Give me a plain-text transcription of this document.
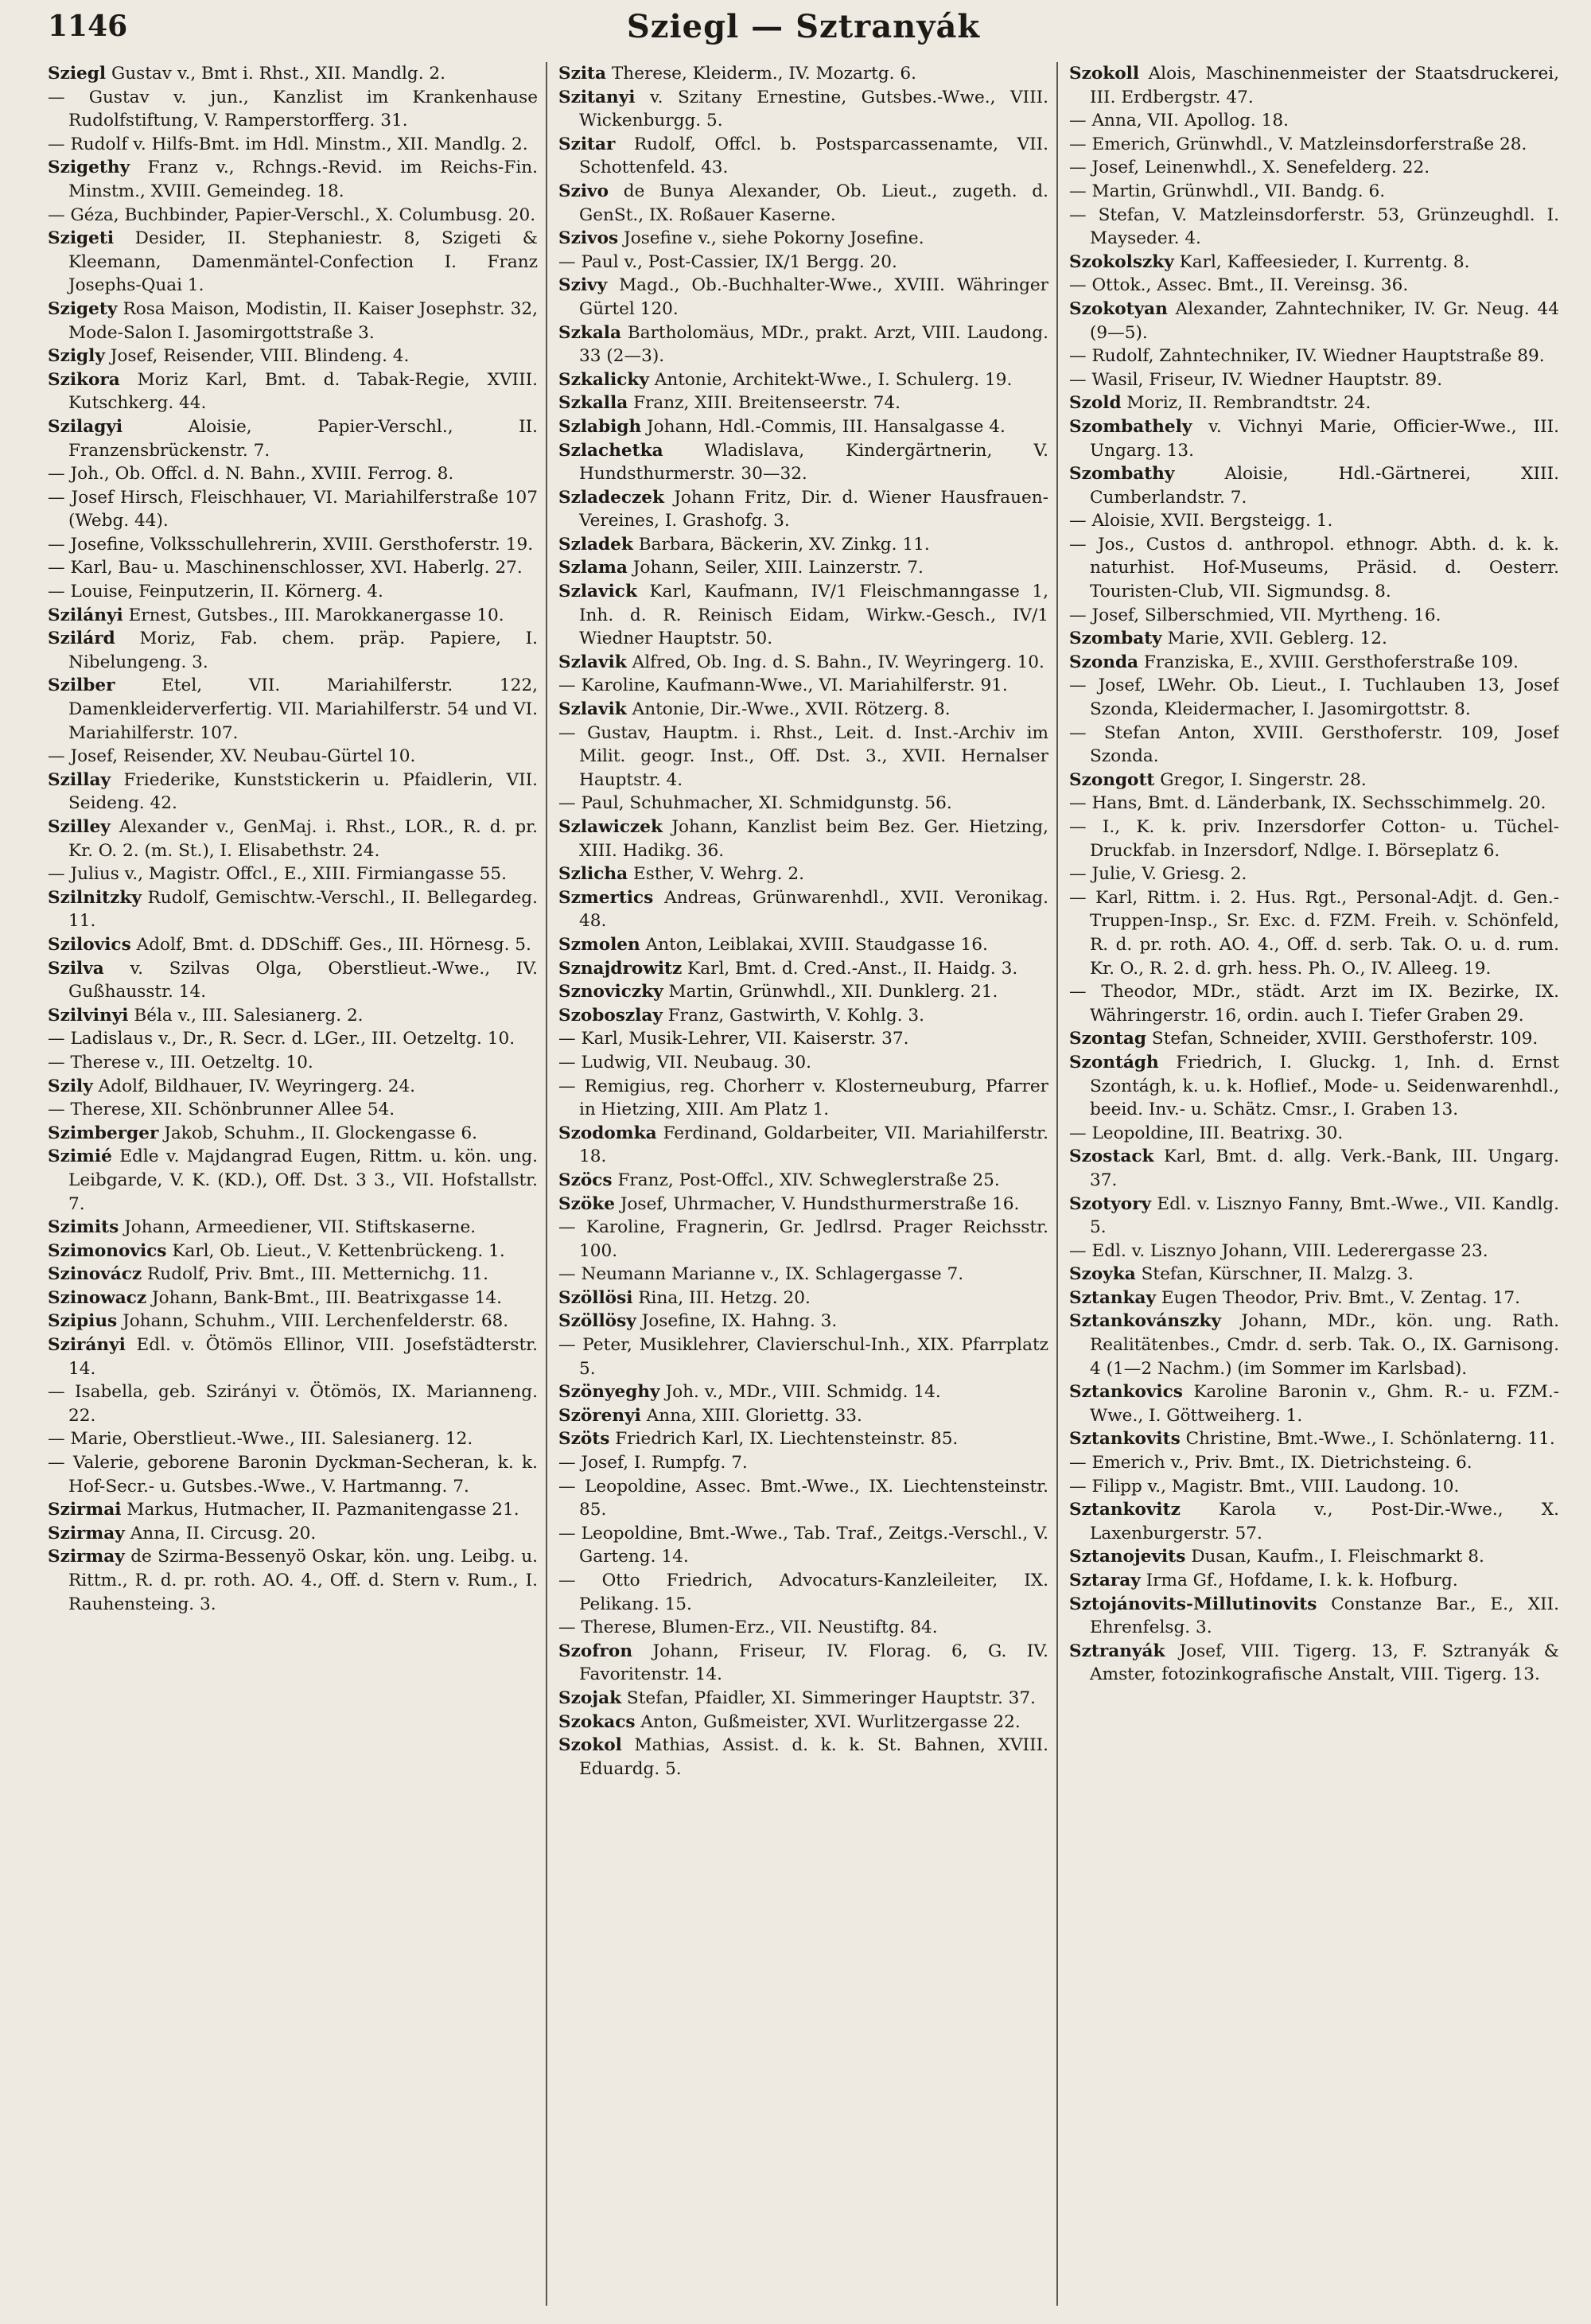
1146	Sziegl — Sztranyák

Sziegl Gustav v., Bmt i. Rhst., XII. Mandlg. 2.

— Gustav v. jun., Kanzlist im Krankenhause Rudolfstiftung, V. Ramperstorfferg. 31.

— Rudolf v. Hilfs-Bmt. im Hdl. Minstm., XII. Mandlg. 2.

Szigethy Franz v., Rchngs.-Revid. im Reichs-Fin. Minstm., XVIII. Gemeindeg. 18.

— Géza, Buchbinder, Papier-Verschl., X. Columbusg. 20.

Szigeti Desider, II. Stephaniestr. 8, Szigeti & Kleemann, Damenmäntel-Confection I. Franz Josephs-Quai 1.

Szigety Rosa Maison, Modistin, II. Kaiser Josephstr. 32, Mode-Salon I. Jasomirgottstraße 3.

Szigly Josef, Reisender, VIII. Blindeng. 4.

Szikora Moriz Karl, Bmt. d. Tabak-Regie, XVIII. Kutschkerg. 44.

Szilagyi Aloisie, Papier-Verschl., II. Franzensbrückenstr. 7.

— Joh., Ob. Offcl. d. N. Bahn., XVIII. Ferrog. 8.

— Josef Hirsch, Fleischhauer, VI. Mariahilferstraße 107 (Webg. 44).

— Josefine, Volksschullehrerin, XVIII. Gersthoferstr. 19.

— Karl, Bau- u. Maschinenschlosser, XVI. Haberlg. 27.

— Louise, Feinputzerin, II. Körnerg. 4.

Szilányi Ernest, Gutsbes., III. Marokkanergasse 10.

Szilárd Moriz, Fab. chem. präp. Papiere, I. Nibelungeng. 3.

Szilber Etel, VII. Mariahilferstr. 122, Damenkleiderverfertig. VII. Mariahilferstr. 54 und VI. Mariahilferstr. 107.

— Josef, Reisender, XV. Neubau-Gürtel 10.

Szillay Friederike, Kunststickerin u. Pfaidlerin, VII. Seideng. 42.

Szilley Alexander v., GenMaj. i. Rhst., LOR., R. d. pr. Kr. O. 2. (m. St.), I. Elisabethstr. 24.

— Julius v., Magistr. Offcl., E., XIII. Firmiangasse 55.

Szilnitzky Rudolf, Gemischtw.-Verschl., II. Bellegardeg. 11.

Szilovics Adolf, Bmt. d. DDSchiff. Ges., III. Hörnesg. 5.

Szilva v. Szilvas Olga, Oberstlieut.-Wwe., IV. Gußhausstr. 14.

Szilvinyi Béla v., III. Salesianerg. 2.

— Ladislaus v., Dr., R. Secr. d. LGer., III. Oetzeltg. 10.

— Therese v., III. Oetzeltg. 10.

Szily Adolf, Bildhauer, IV. Weyringerg. 24.

— Therese, XII. Schönbrunner Allee 54.

Szimberger Jakob, Schuhm., II. Glockengasse 6.

Szimié Edle v. Majdangrad Eugen, Rittm. u. kön. ung. Leibgarde, V. K. (KD.), Off. Dst. 3 3., VII. Hofstallstr. 7.

Szimits Johann, Armeediener, VII. Stiftskaserne.

Szimonovics Karl, Ob. Lieut., V. Kettenbrückeng. 1.

Szinovácz Rudolf, Priv. Bmt., III. Metternichg. 11.

Szinowacz Johann, Bank-Bmt., III. Beatrixgasse 14.

Szipius Johann, Schuhm., VIII. Lerchenfelderstr. 68.

Szirányi Edl. v. Ötömös Ellinor, VIII. Josefstädterstr. 14.

— Isabella, geb. Szirányi v. Ötömös, IX. Marianneng. 22.

— Marie, Oberstlieut.-Wwe., III. Salesianerg. 12.

— Valerie, geborene Baronin Dyckman-Secheran, k. k. Hof-Secr.- u. Gutsbes.-Wwe., V. Hartmanng. 7.

Szirmai Markus, Hutmacher, II. Pazmanitengasse 21.

Szirmay Anna, II. Circusg. 20.

Szirmay de Szirma-Bessenyö Oskar, kön. ung. Leibg. u. Rittm., R. d. pr. roth. AO. 4., Off. d. Stern v. Rum., I. Rauhensteing. 3.

Szita Therese, Kleiderm., IV. Mozartg. 6.

Szitanyi v. Szitany Ernestine, Gutsbes.-Wwe., VIII. Wickenburgg. 5.

Szitar Rudolf, Offcl. b. Postsparcassenamte, VII. Schottenfeld. 43.

Szivo de Bunya Alexander, Ob. Lieut., zugeth. d. GenSt., IX. Roßauer Kaserne.

Szivos Josefine v., siehe Pokorny Josefine.

— Paul v., Post-Cassier, IX/1 Bergg. 20.

Szivy Magd., Ob.-Buchhalter-Wwe., XVIII. Währinger Gürtel 120.

Szkala Bartholomäus, MDr., prakt. Arzt, VIII. Laudong. 33 (2—3).

Szkalicky Antonie, Architekt-Wwe., I. Schulerg. 19.

Szkalla Franz, XIII. Breitenseerstr. 74.

Szlabigh Johann, Hdl.-Commis, III. Hansalgasse 4.

Szlachetka Wladislava, Kindergärtnerin, V. Hundsthurmerstr. 30—32.

Szladeczek Johann Fritz, Dir. d. Wiener Hausfrauen-Vereines, I. Grashofg. 3.

Szladek Barbara, Bäckerin, XV. Zinkg. 11.

Szlama Johann, Seiler, XIII. Lainzerstr. 7.

Szlavick Karl, Kaufmann, IV/1 Fleischmanngasse 1, Inh. d. R. Reinisch Eidam, Wirkw.-Gesch., IV/1 Wiedner Hauptstr. 50.

Szlavik Alfred, Ob. Ing. d. S. Bahn., IV. Weyringerg. 10.

— Karoline, Kaufmann-Wwe., VI. Mariahilferstr. 91.

Szlavik Antonie, Dir.-Wwe., XVII. Rötzerg. 8.

— Gustav, Hauptm. i. Rhst., Leit. d. Inst.-Archiv im Milit. geogr. Inst., Off. Dst. 3., XVII. Hernalser Hauptstr. 4.

— Paul, Schuhmacher, XI. Schmidgunstg. 56.

Szlawiczek Johann, Kanzlist beim Bez. Ger. Hietzing, XIII. Hadikg. 36.

Szlicha Esther, V. Wehrg. 2.

Szmertics Andreas, Grünwarenhdl., XVII. Veronikag. 48.

Szmolen Anton, Leiblakai, XVIII. Staudgasse 16.

Sznajdrowitz Karl, Bmt. d. Cred.-Anst., II. Haidg. 3.

Sznoviczky Martin, Grünwhdl., XII. Dunklerg. 21.

Szoboszlay Franz, Gastwirth, V. Kohlg. 3.

— Karl, Musik-Lehrer, VII. Kaiserstr. 37.

— Ludwig, VII. Neubaug. 30.

— Remigius, reg. Chorherr v. Klosterneuburg, Pfarrer in Hietzing, XIII. Am Platz 1.

Szodomka Ferdinand, Goldarbeiter, VII. Mariahilferstr. 18.

Szöcs Franz, Post-Offcl., XIV. Schweglerstraße 25.

Szöke Josef, Uhrmacher, V. Hundsthurmerstraße 16.

— Karoline, Fragnerin, Gr. Jedlrsd. Prager Reichsstr. 100.

— Neumann Marianne v., IX. Schlagergasse 7.

Szöllösi Rina, III. Hetzg. 20.

Szöllösy Josefine, IX. Hahng. 3.

— Peter, Musiklehrer, Clavierschul-Inh., XIX. Pfarrplatz 5.

Szönyeghy Joh. v., MDr., VIII. Schmidg. 14.

Szörenyi Anna, XIII. Gloriettg. 33.

Szöts Friedrich Karl, IX. Liechtensteinstr. 85.

— Josef, I. Rumpfg. 7.

— Leopoldine, Assec. Bmt.-Wwe., IX. Liechtensteinstr. 85.

— Leopoldine, Bmt.-Wwe., Tab. Traf., Zeitgs.-Verschl., V. Garteng. 14.

— Otto Friedrich, Advocaturs-Kanzleileiter, IX. Pelikang. 15.

— Therese, Blumen-Erz., VII. Neustiftg. 84.

Szofron Johann, Friseur, IV. Florag. 6, G. IV. Favoritenstr. 14.

Szojak Stefan, Pfaidler, XI. Simmeringer Hauptstr. 37.

Szokacs Anton, Gußmeister, XVI. Wurlitzergasse 22.

Szokol Mathias, Assist. d. k. k. St. Bahnen, XVIII. Eduardg. 5.

Szokoll Alois, Maschinenmeister der Staatsdruckerei, III. Erdbergstr. 47.

— Anna, VII. Apollog. 18.

— Emerich, Grünwhdl., V. Matzleinsdorferstraße 28.

— Josef, Leinenwhdl., X. Senefelderg. 22.

— Martin, Grünwhdl., VII. Bandg. 6.

— Stefan, V. Matzleinsdorferstr. 53, Grünzeughdl. I. Mayseder. 4.

Szokolszky Karl, Kaffeesieder, I. Kurrentg. 8.

— Ottok., Assec. Bmt., II. Vereinsg. 36.

Szokotyan Alexander, Zahntechniker, IV. Gr. Neug. 44 (9—5).

— Rudolf, Zahntechniker, IV. Wiedner Hauptstraße 89.

— Wasil, Friseur, IV. Wiedner Hauptstr. 89.

Szold Moriz, II. Rembrandtstr. 24.

Szombathely v. Vichnyi Marie, Officier-Wwe., III. Ungarg. 13.

Szombathy Aloisie, Hdl.-Gärtnerei, XIII. Cumberlandstr. 7.

— Aloisie, XVII. Bergsteigg. 1.

— Jos., Custos d. anthropol. ethnogr. Abth. d. k. k. naturhist. Hof-Museums, Präsid. d. Oesterr. Touristen-Club, VII. Sigmundsg. 8.

— Josef, Silberschmied, VII. Myrtheng. 16.

Szombaty Marie, XVII. Geblerg. 12.

Szonda Franziska, E., XVIII. Gersthoferstraße 109.

— Josef, LWehr. Ob. Lieut., I. Tuchlauben 13, Josef Szonda, Kleidermacher, I. Jasomirgottstr. 8.

— Stefan Anton, XVIII. Gersthoferstr. 109, Josef Szonda.

Szongott Gregor, I. Singerstr. 28.

— Hans, Bmt. d. Länderbank, IX. Sechsschimmelg. 20.

— I., K. k. priv. Inzersdorfer Cotton- u. Tüchel-Druckfab. in Inzersdorf, Ndlge. I. Börseplatz 6.

— Julie, V. Griesg. 2.

— Karl, Rittm. i. 2. Hus. Rgt., Personal-Adjt. d. Gen.-Truppen-Insp., Sr. Exc. d. FZM. Freih. v. Schönfeld, R. d. pr. roth. AO. 4., Off. d. serb. Tak. O. u. d. rum. Kr. O., R. 2. d. grh. hess. Ph. O., IV. Alleeg. 19.

— Theodor, MDr., städt. Arzt im IX. Bezirke, IX. Währingerstr. 16, ordin. auch I. Tiefer Graben 29.

Szontag Stefan, Schneider, XVIII. Gersthoferstr. 109.

Szontágh Friedrich, I. Gluckg. 1, Inh. d. Ernst Szontágh, k. u. k. Hoflief., Mode- u. Seidenwarenhdl., beeid. Inv.- u. Schätz. Cmsr., I. Graben 13.

— Leopoldine, III. Beatrixg. 30.

Szostack Karl, Bmt. d. allg. Verk.-Bank, III. Ungarg. 37.

Szotyory Edl. v. Lisznyo Fanny, Bmt.-Wwe., VII. Kandlg. 5.

— Edl. v. Lisznyo Johann, VIII. Lederergasse 23.

Szoyka Stefan, Kürschner, II. Malzg. 3.

Sztankay Eugen Theodor, Priv. Bmt., V. Zentag. 17.

Sztankovánszky Johann, MDr., kön. ung. Rath. Realitätenbes., Cmdr. d. serb. Tak. O., IX. Garnisong. 4 (1—2 Nachm.) (im Sommer im Karlsbad).

Sztankovics Karoline Baronin v., Ghm. R.- u. FZM.-Wwe., I. Göttweiherg. 1.

Sztankovits Christine, Bmt.-Wwe., I. Schönlaterng. 11.

— Emerich v., Priv. Bmt., IX. Dietrichsteing. 6.

— Filipp v., Magistr. Bmt., VIII. Laudong. 10.

Sztankovitz Karola v., Post-Dir.-Wwe., X. Laxenburgerstr. 57.

Sztanojevits Dusan, Kaufm., I. Fleischmarkt 8.

Sztaray Irma Gf., Hofdame, I. k. k. Hofburg.

Sztojánovits-Millutinovits Constanze Bar., E., XII. Ehrenfelsg. 3.

Sztranyák Josef, VIII. Tigerg. 13, F. Sztranyák & Amster, fotozinkografische Anstalt, VIII. Tigerg. 13.
